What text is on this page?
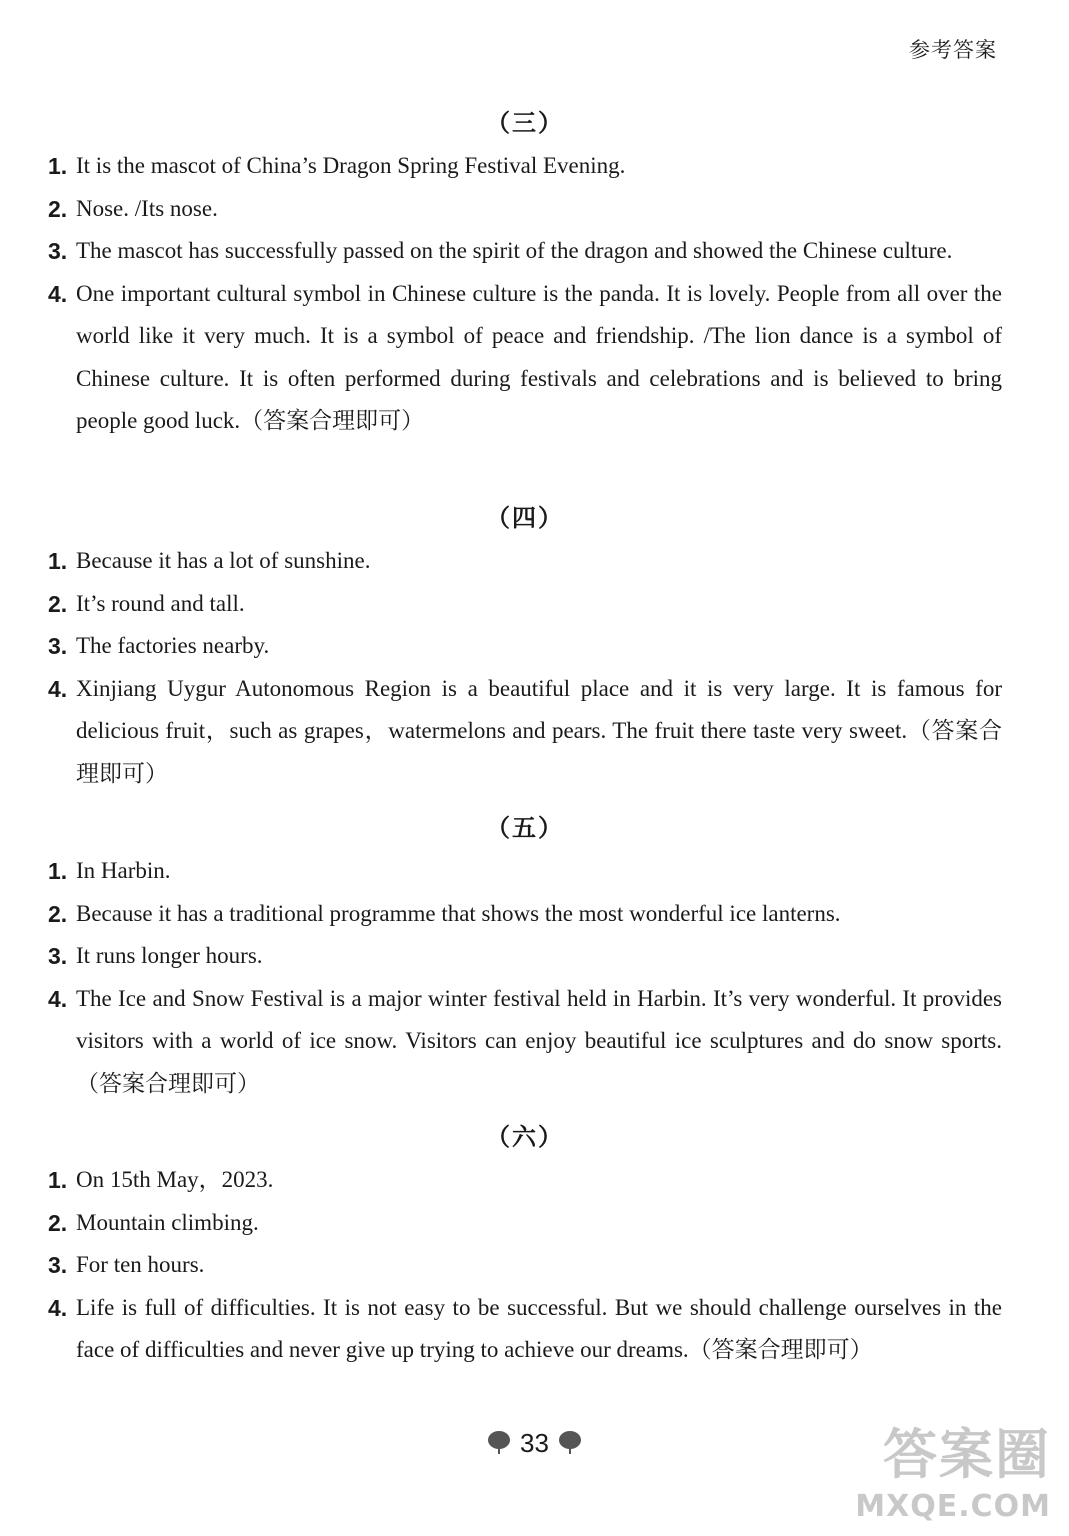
参考答案
（三）
1. It is the mascot of China’s Dragon Spring Festival Evening.
2. Nose. /Its nose.
3. The mascot has successfully passed on the spirit of the dragon and showed the Chinese culture.
4. One important cultural symbol in Chinese culture is the panda. It is lovely. People from all over the world like it very much. It is a symbol of peace and friendship. /The lion dance is a symbol of Chinese culture. It is often performed during festivals and celebrations and is believed to bring people good luck.（答案合理即可）
（四）
1. Because it has a lot of sunshine.
2. It’s round and tall.
3. The factories nearby.
4. Xinjiang Uygur Autonomous Region is a beautiful place and it is very large. It is famous for delicious fruit，such as grapes，watermelons and pears. The fruit there taste very sweet.（答案合理即可）
（五）
1. In Harbin.
2. Because it has a traditional programme that shows the most wonderful ice lanterns.
3. It runs longer hours.
4. The Ice and Snow Festival is a major winter festival held in Harbin. It’s very wonderful. It provides visitors with a world of ice snow. Visitors can enjoy beautiful ice sculptures and do snow sports.（答案合理即可）
（六）
1. On 15th May，2023.
2. Mountain climbing.
3. For ten hours.
4. Life is full of difficulties. It is not easy to be successful. But we should challenge ourselves in the face of difficulties and never give up trying to achieve our dreams.（答案合理即可）
33	答案圈
MXQE.COM
